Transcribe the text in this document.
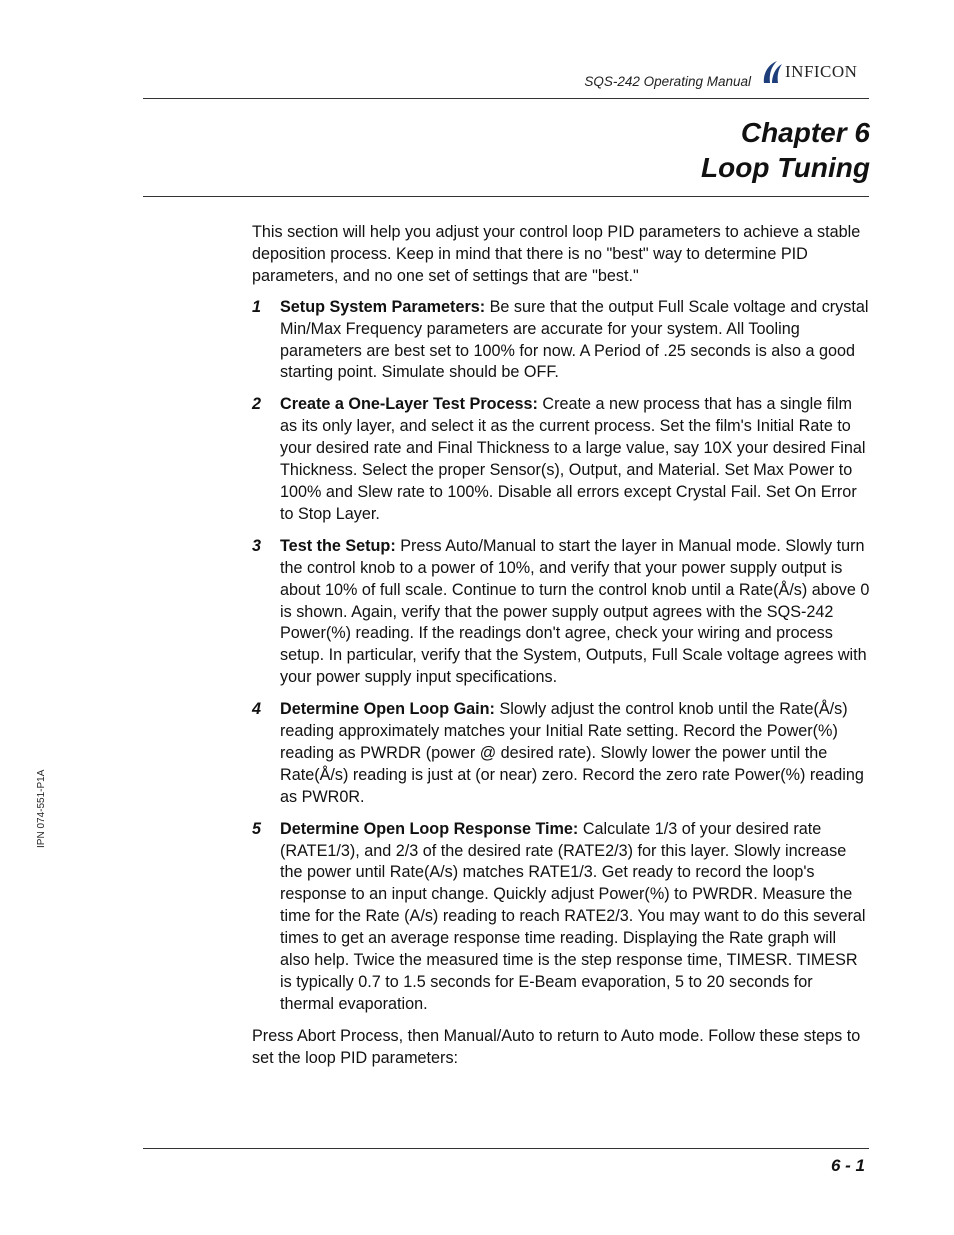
SQS-242 Operating Manual
INFICON
Chapter 6
Loop Tuning

This section will help you adjust your control loop PID parameters to achieve a stable deposition process. Keep in mind that there is no "best" way to determine PID parameters, and no one set of settings that are "best."

1 Setup System Parameters: Be sure that the output Full Scale voltage and crystal Min/Max Frequency parameters are accurate for your system. All Tooling parameters are best set to 100% for now. A Period of .25 seconds is also a good starting point. Simulate should be OFF.
2 Create a One-Layer Test Process: Create a new process that has a single film as its only layer, and select it as the current process. Set the film's Initial Rate to your desired rate and Final Thickness to a large value, say 10X your desired Final Thickness. Select the proper Sensor(s), Output, and Material. Set Max Power to 100% and Slew rate to 100%. Disable all errors except Crystal Fail. Set On Error to Stop Layer.
3 Test the Setup: Press Auto/Manual to start the layer in Manual mode. Slowly turn the control knob to a power of 10%, and verify that your power supply output is about 10% of full scale. Continue to turn the control knob until a Rate(Å/s) above 0 is shown. Again, verify that the power supply output agrees with the SQS-242 Power(%) reading. If the readings don't agree, check your wiring and process setup. In particular, verify that the System, Outputs, Full Scale voltage agrees with your power supply input specifications.
4 Determine Open Loop Gain: Slowly adjust the control knob until the Rate(Å/s) reading approximately matches your Initial Rate setting. Record the Power(%) reading as PWRDR (power @ desired rate). Slowly lower the power until the Rate(Å/s) reading is just at (or near) zero. Record the zero rate Power(%) reading as PWR0R.
5 Determine Open Loop Response Time: Calculate 1/3 of your desired rate (RATE1/3), and 2/3 of the desired rate (RATE2/3) for this layer. Slowly increase the power until Rate(A/s) matches RATE1/3. Get ready to record the loop's response to an input change. Quickly adjust Power(%) to PWRDR. Measure the time for the Rate (A/s) reading to reach RATE2/3. You may want to do this several times to get an average response time reading. Displaying the Rate graph will also help. Twice the measured time is the step response time, TIMESR. TIMESR is typically 0.7 to 1.5 seconds for E-Beam evaporation, 5 to 20 seconds for thermal evaporation.

Press Abort Process, then Manual/Auto to return to Auto mode. Follow these steps to set the loop PID parameters:

IPN 074-551-P1A
6 - 1
